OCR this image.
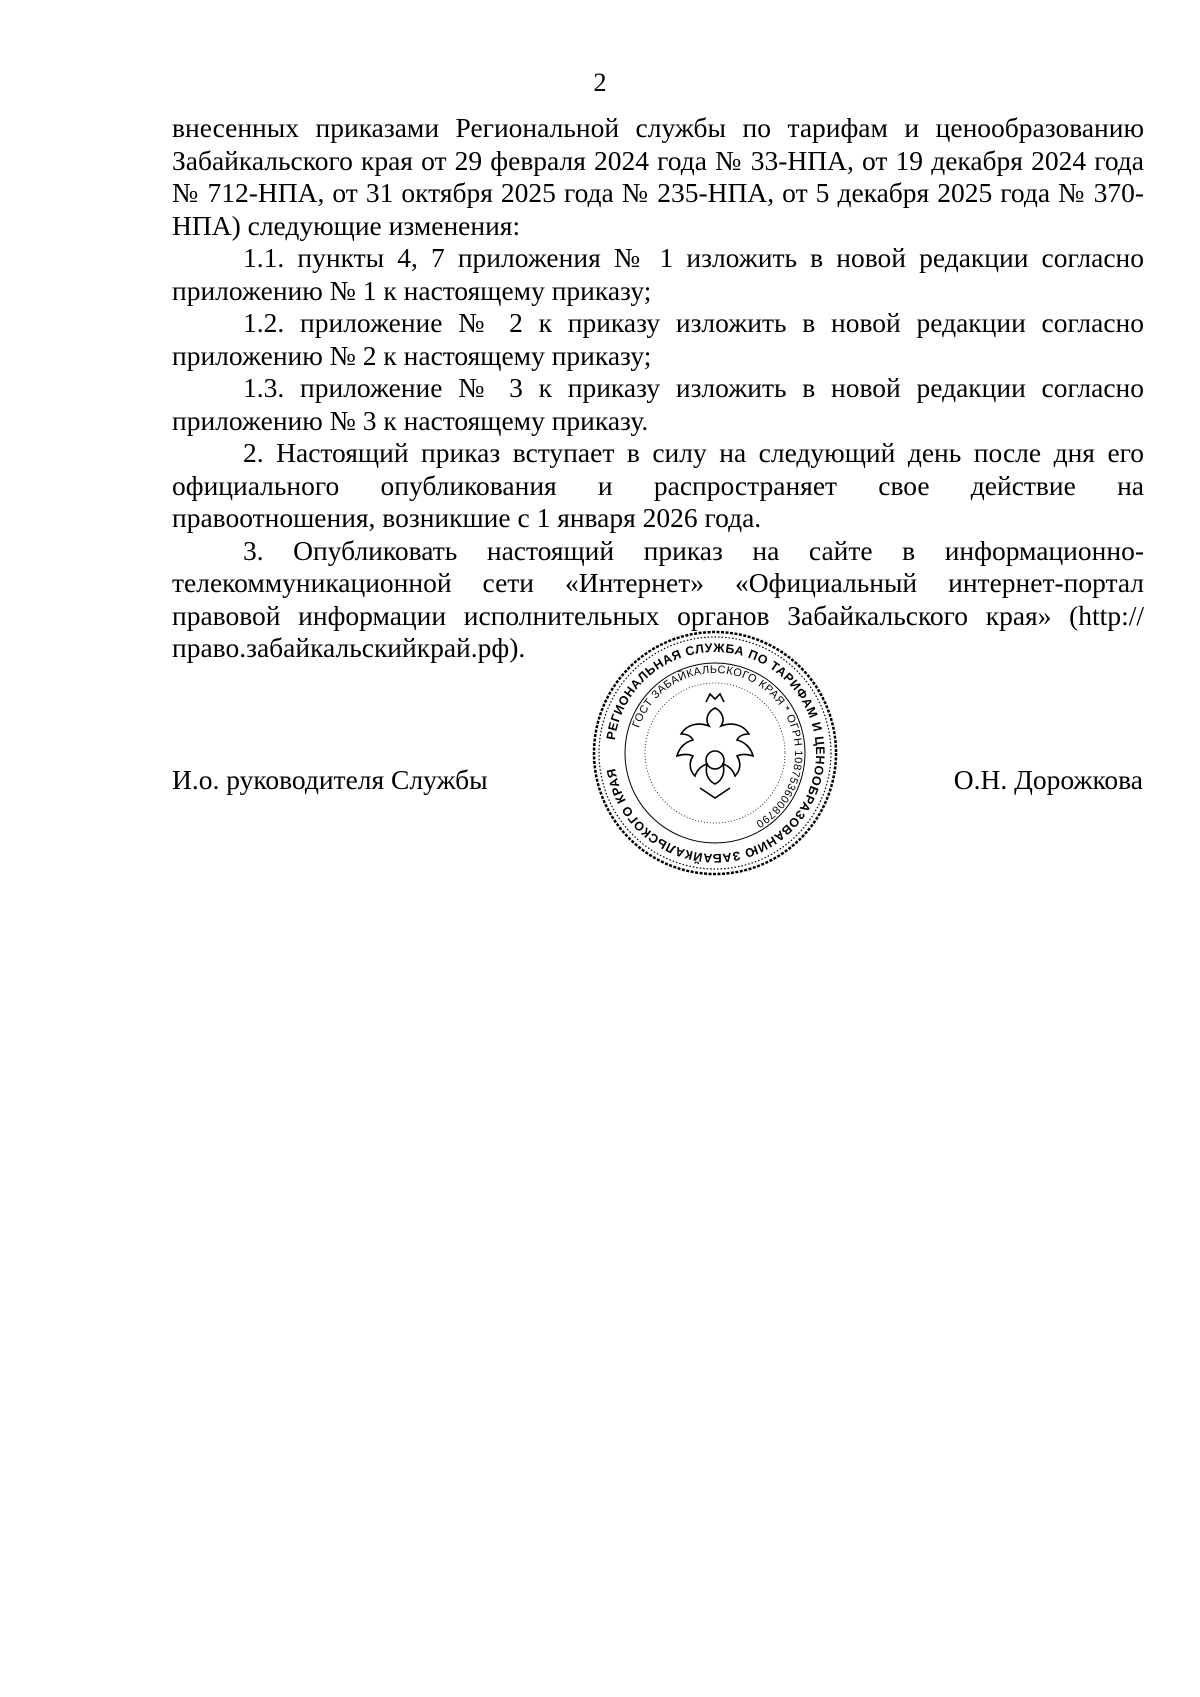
2

внесенных приказами Региональной службы по тарифам и ценообразованию Забайкальского края от 29 февраля 2024 года № 33-НПА, от 19 декабря 2024 года № 712-НПА, от 31 октября 2025 года № 235-НПА, от 5 декабря 2025 года № 370-НПА) следующие изменения:

1.1. пункты 4, 7 приложения № 1 изложить в новой редакции согласно приложению № 1 к настоящему приказу;

1.2. приложение № 2 к приказу изложить в новой редакции согласно приложению № 2 к настоящему приказу;

1.3. приложение № 3 к приказу изложить в новой редакции согласно приложению № 3 к настоящему приказу.

2. Настоящий приказ вступает в силу на следующий день после дня его официального опубликования и распространяет свое действие на правоотношения, возникшие с 1 января 2026 года.

3. Опубликовать настоящий приказ на сайте в информационно-телекоммуникационной сети «Интернет» «Официальный интернет-портал правовой информации исполнительных органов Забайкальского края» (http://право.забайкальскийкрай.рф).

РЕГИОНАЛЬНАЯ СЛУЖБА ПО ТАРИФАМ И ЦЕНООБРАЗОВАНИЮ ЗАБАЙКАЛЬСКОГО КРАЯ
ГОСТ ЗАБАЙКАЛЬСКОГО КРАЯ * ОГРН 1087536008790
И.о. руководителя Службы	О.Н. Дорожкова
